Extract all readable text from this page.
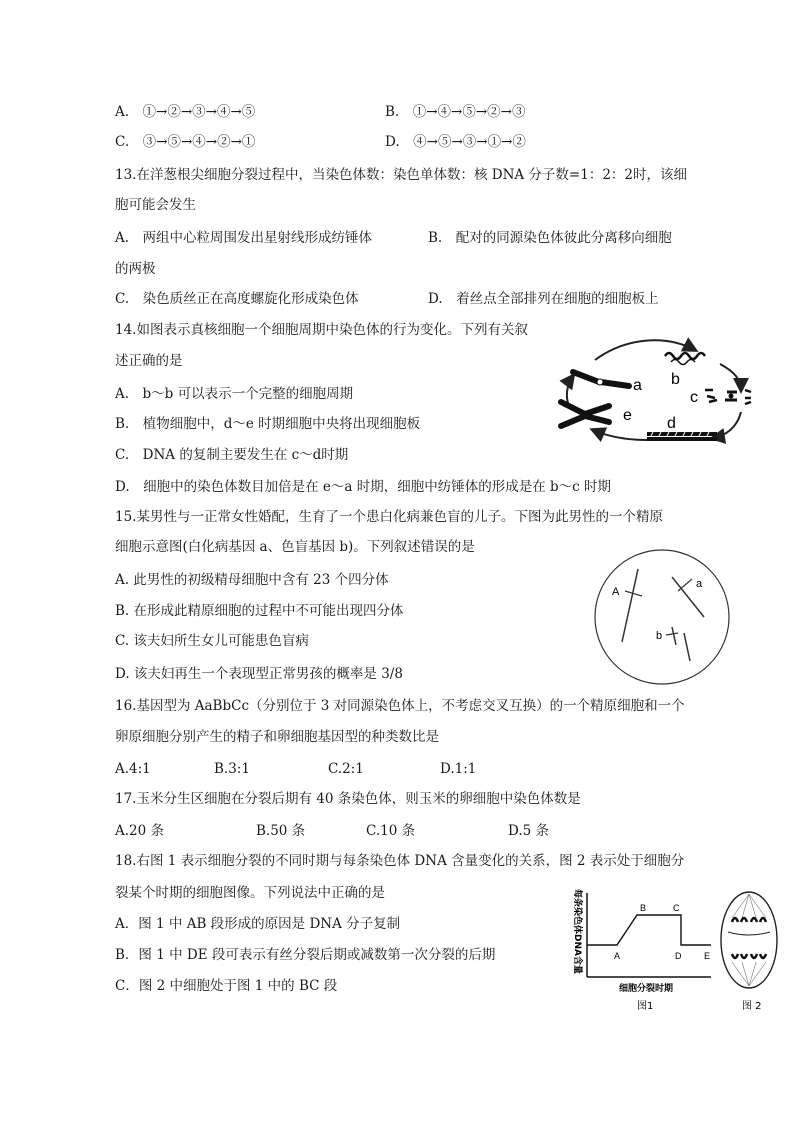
A.　①→②→③→④→⑤	B.　①→④→⑤→②→③
C.　③→⑤→④→②→①	D.　④→⑤→③→①→②
13.在洋葱根尖细胞分裂过程中，当染色体数：染色单体数：核 DNA 分子数=1：2：2时，该细
胞可能会发生
A.　两组中心粒周围发出星射线形成纺锤体	B.　配对的同源染色体彼此分离移向细胞
的两极
C.　染色质丝正在高度螺旋化形成染色体	D.　着丝点全部排列在细胞的细胞板上
14.如图表示真核细胞一个细胞周期中染色体的行为变化。下列有关叙
述正确的是
A.　b～b 可以表示一个完整的细胞周期
B.　植物细胞中，d～e 时期细胞中央将出现细胞板
C.　DNA 的复制主要发生在 c～d时期
D.　细胞中的染色体数目加倍是在 e～a 时期，细胞中纺锤体的形成是在 b～c 时期
a b
c
d
e
15.某男性与一正常女性婚配，生育了一个患白化病兼色盲的儿子。下图为此男性的一个精原
细胞示意图(白化病基因 a、色盲基因 b)。下列叙述错误的是
A. 此男性的初级精母细胞中含有 23 个四分体
B. 在形成此精原细胞的过程中不可能出现四分体
C. 该夫妇所生女儿可能患色盲病
D. 该夫妇再生一个表现型正常男孩的概率是 3/8
A
a
b
16.基因型为 AaBbCc（分别位于 3 对同源染色体上，不考虑交叉互换）的一个精原细胞和一个
卵原细胞分别产生的精子和卵细胞基因型的种类数比是
A.4:1	B.3:1	C.2:1	D.1:1
17.玉米分生区细胞在分裂后期有 40 条染色体，则玉米的卵细胞中染色体数是
A.20 条	B.50 条	C.10 条	D.5 条
18.右图 1 表示细胞分裂的不同时期与每条染色体 DNA 含量变化的关系，图 2 表示处于细胞分
裂某个时期的细胞图像。下列说法中正确的是
A．图 1 中 AB 段形成的原因是 DNA 分子复制
B．图 1 中 DE 段可表示有丝分裂后期或减数第一次分裂的后期
C．图 2 中细胞处于图 1 中的 BC 段
每条染色体DNA含量	A
B	C
D	E
细胞分裂时期
图1	图 2
